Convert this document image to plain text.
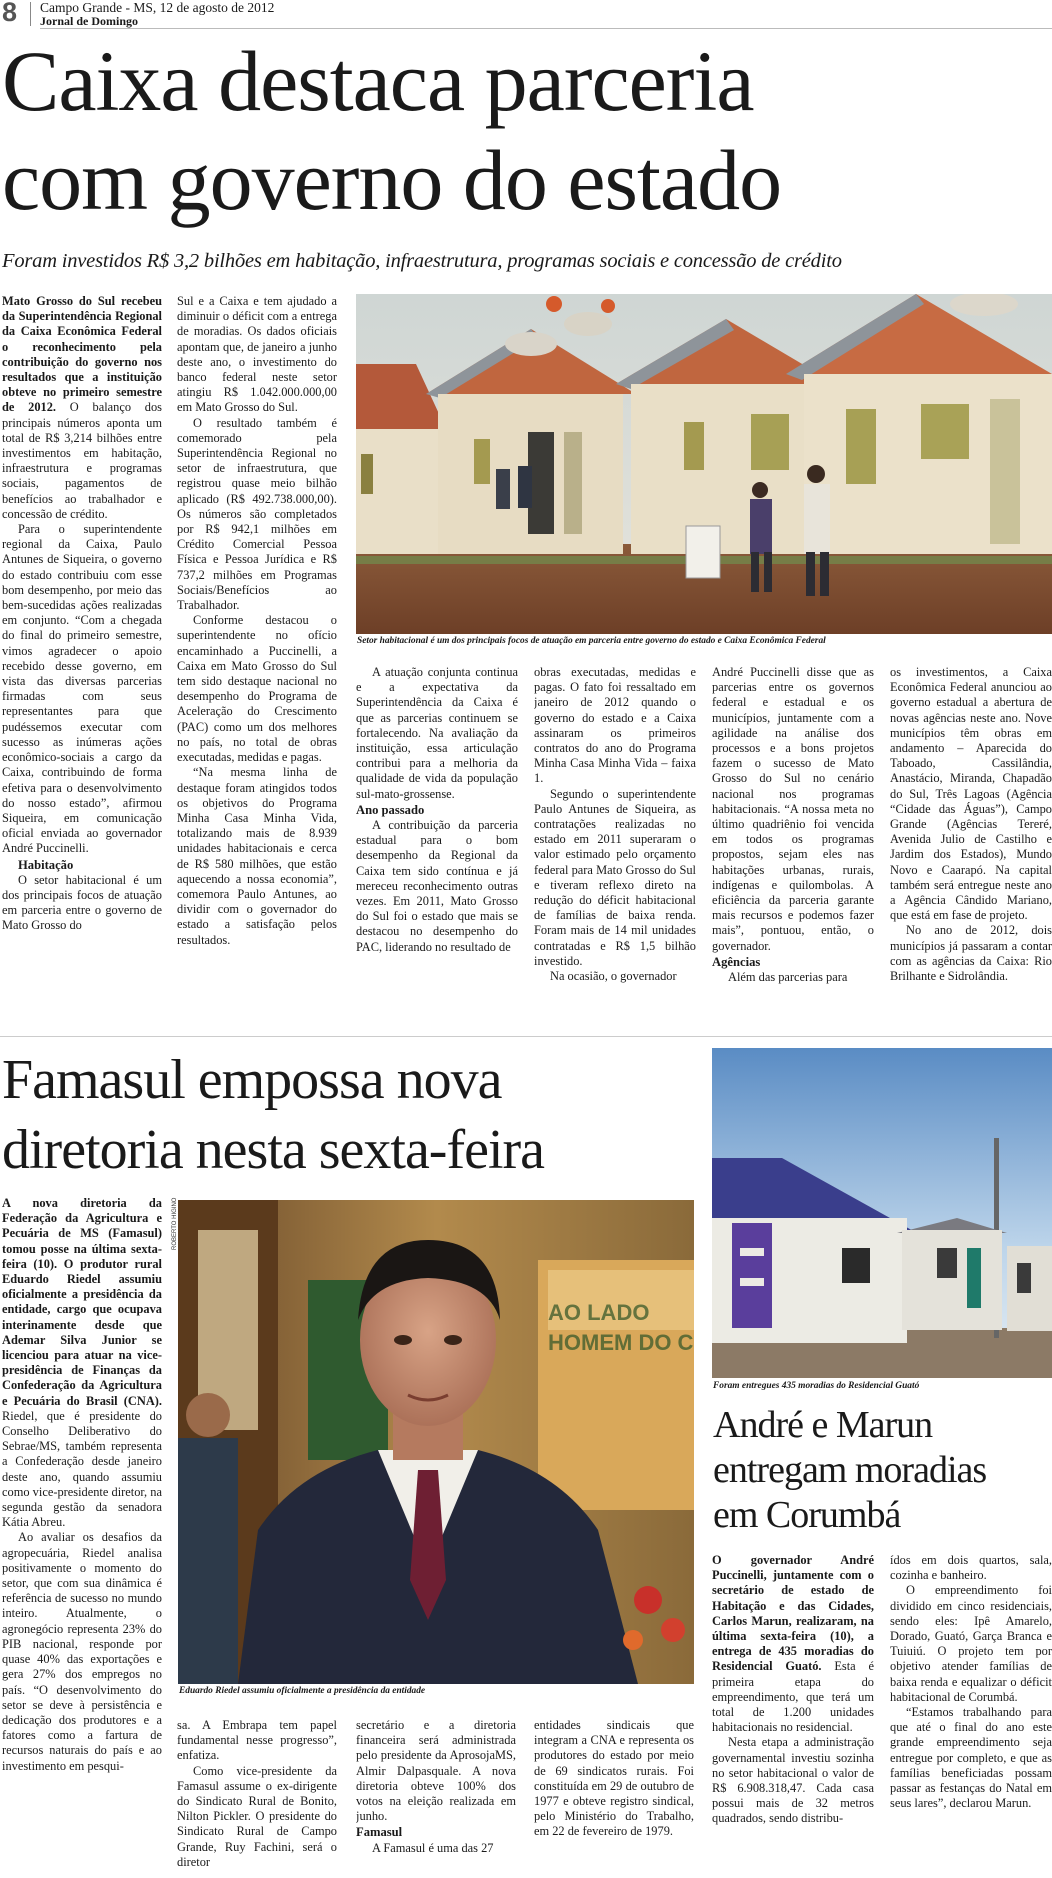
8 Campo Grande - MS, 12 de agosto de 2012
Jornal de Domingo
Caixa destaca parceria
com governo do estado
Foram investidos R$ 3,2 bilhões em habitação, infraestrutura, programas sociais e concessão de crédito
Setor habitacional é um dos principais focos de atuação em parceria entre governo do estado e Caixa Econômica Federal

Mato Grosso do Sul recebeu da Superintendência Regional da Caixa Econômica Federal o reconhecimento pela contribuição do governo nos resultados que a instituição obteve no primeiro semestre de 2012. O balanço dos principais números aponta um total de R$ 3,214 bilhões entre investimentos em habitação, infraestrutura e programas sociais, pagamentos de benefícios ao trabalhador e concessão de crédito.

Para o superintendente regional da Caixa, Paulo Antunes de Siqueira, o governo do estado contribuiu com esse bom desempenho, por meio das bem-sucedidas ações realizadas em conjunto. “Com a chegada do final do primeiro semestre, vimos agradecer o apoio recebido desse governo, em vista das diversas parcerias firmadas com seus representantes para que pudéssemos executar com sucesso as inúmeras ações econômico-sociais a cargo da Caixa, contribuindo de forma efetiva para o desenvolvimento do nosso estado”, afirmou Siqueira, em comunicação oficial enviada ao governador André Puccinelli.

Habitação

O setor habitacional é um dos principais focos de atuação em parceria entre o governo de Mato Grosso do

Sul e a Caixa e tem ajudado a diminuir o déficit com a entrega de moradias. Os dados oficiais apontam que, de janeiro a junho deste ano, o investimento do banco federal neste setor atingiu R$ 1.042.000.000,00 em Mato Grosso do Sul.

O resultado também é comemorado pela Superintendência Regional no setor de infraestrutura, que registrou quase meio bilhão aplicado (R$ 492.738.000,00). Os números são completados por R$ 942,1 milhões em Crédito Comercial Pessoa Física e Pessoa Jurídica e R$ 737,2 milhões em Programas Sociais/Benefícios ao Trabalhador.

Conforme destacou o superintendente no ofício encaminhado a Puccinelli, a Caixa em Mato Grosso do Sul tem sido destaque nacional no desempenho do Programa de Aceleração do Crescimento (PAC) como um dos melhores no país, no total de obras executadas, medidas e pagas.

“Na mesma linha de destaque foram atingidos todos os objetivos do Programa Minha Casa Minha Vida, totalizando mais de 8.939 unidades habitacionais e cerca de R$ 580 milhões, que estão aquecendo a nossa economia”, comemora Paulo Antunes, ao dividir com o governador do estado a satisfação pelos resultados.

A atuação conjunta continua e a expectativa da Superintendência da Caixa é que as parcerias continuem se fortalecendo. Na avaliação da instituição, essa articulação contribui para a melhoria da qualidade de vida da população sul-mato-grossense.

Ano passado

A contribuição da parceria estadual para o bom desempenho da Regional da Caixa tem sido contínua e já mereceu reconhecimento outras vezes. Em 2011, Mato Grosso do Sul foi o estado que mais se destacou no desempenho do PAC, liderando no resultado de

obras executadas, medidas e pagas. O fato foi ressaltado em janeiro de 2012 quando o governo do estado e a Caixa assinaram os primeiros contratos do ano do Programa Minha Casa Minha Vida – faixa 1.

Segundo o superintendente Paulo Antunes de Siqueira, as contratações realizadas no estado em 2011 superaram o valor estimado pelo orçamento federal para Mato Grosso do Sul e tiveram reflexo direto na redução do déficit habitacional de famílias de baixa renda. Foram mais de 14 mil unidades contratadas e R$ 1,5 bilhão investido.

Na ocasião, o governador

André Puccinelli disse que as parcerias entre os governos federal e estadual e os municípios, juntamente com a agilidade na análise dos processos e a bons projetos fazem o sucesso de Mato Grosso do Sul no cenário nacional nos programas habitacionais. “A nossa meta no último quadriênio foi vencida em todos os programas propostos, sejam eles nas habitações urbanas, rurais, indígenas e quilombolas. A eficiência da parceria garante mais recursos e podemos fazer mais”, pontuou, então, o governador.

Agências

Além das parcerias para

os investimentos, a Caixa Econômica Federal anunciou ao governo estadual a abertura de novas agências neste ano. Nove municípios têm obras em andamento – Aparecida do Taboado, Cassilândia, Anastácio, Miranda, Chapadão do Sul, Três Lagoas (Agência “Cidade das Águas”), Campo Grande (Agências Tereré, Avenida Julio de Castilho e Jardim dos Estados), Mundo Novo e Caarapó. Na capital também será entregue neste ano a Agência Cândido Mariano, que está em fase de projeto.

No ano de 2012, dois municípios já passaram a contar com as agências da Caixa: Rio Brilhante e Sidrolândia.

Famasul empossa nova
diretoria nesta sexta-feira
AO LADO
HOMEM DO C
ROBERTO HIGINO
Eduardo Riedel assumiu oficialmente a presidência da entidade

A nova diretoria da Federação da Agricultura e Pecuária de MS (Famasul) tomou posse na última sexta-feira (10). O produtor rural Eduardo Riedel assumiu oficialmente a presidência da entidade, cargo que ocupava interinamente desde que Ademar Silva Junior se licenciou para atuar na vice-presidência de Finanças da Confederação da Agricultura e Pecuária do Brasil (CNA). Riedel, que é presidente do Conselho Deliberativo do Sebrae/MS, também representa a Confederação desde janeiro deste ano, quando assumiu como vice-presidente diretor, na segunda gestão da senadora Kátia Abreu.

Ao avaliar os desafios da agropecuária, Riedel analisa positivamente o momento do setor, que com sua dinâmica é referência de sucesso no mundo inteiro. Atualmente, o agronegócio representa 23% do PIB nacional, responde por quase 40% das exportações e gera 27% dos empregos no país. “O desenvolvimento do setor se deve à persistência e dedicação dos produtores e a fatores como a fartura de recursos naturais do país e ao investimento em pesqui-

sa. A Embrapa tem papel fundamental nesse progresso”, enfatiza.

Como vice-presidente da Famasul assume o ex-dirigente do Sindicato Rural de Bonito, Nilton Pickler. O presidente do Sindicato Rural de Campo Grande, Ruy Fachini, será o diretor

secretário e a diretoria financeira será administrada pelo presidente da AprosojaMS, Almir Dalpasquale. A nova diretoria obteve 100% dos votos na eleição realizada em junho.

Famasul

A Famasul é uma das 27

entidades sindicais que integram a CNA e representa os produtores do estado por meio de 69 sindicatos rurais. Foi constituída em 29 de outubro de 1977 e obteve registro sindical, pelo Ministério do Trabalho, em 22 de fevereiro de 1979.

Foram entregues 435 moradias do Residencial Guató
André e Marun
entregam moradias
em Corumbá

O governador André Puccinelli, juntamente com o secretário de estado de Habitação e das Cidades, Carlos Marun, realizaram, na última sexta-feira (10), a entrega de 435 moradias do Residencial Guató. Esta é primeira etapa do empreendimento, que terá um total de 1.200 unidades habitacionais no residencial.

Nesta etapa a administração governamental investiu sozinha no setor habitacional o valor de R$ 6.908.318,47. Cada casa possui mais de 32 metros quadrados, sendo distribu-

ídos em dois quartos, sala, cozinha e banheiro.

O empreendimento foi dividido em cinco residenciais, sendo eles: Ipê Amarelo, Dorado, Guató, Garça Branca e Tuiuiú. O projeto tem por objetivo atender famílias de baixa renda e equalizar o déficit habitacional de Corumbá.

“Estamos trabalhando para que até o final do ano este grande empreendimento seja entregue por completo, e que as famílias beneficiadas possam passar as festanças do Natal em seus lares”, declarou Marun.
